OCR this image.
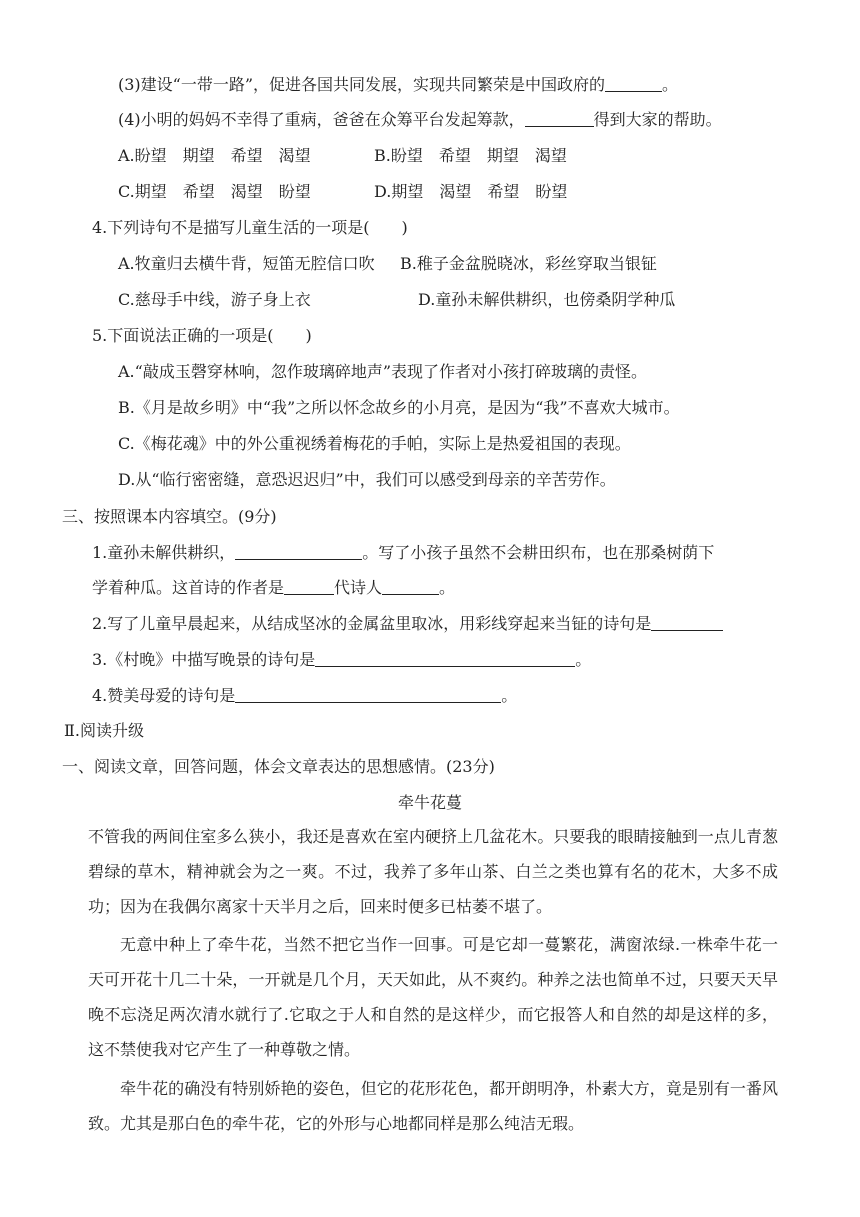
(3)建设“一带一路”，促进各国共同发展，实现共同繁荣是中国政府的	。
(4)小明的妈妈不幸得了重病，爸爸在众筹平台发起筹款，	得到大家的帮助。
A.盼望　期望　希望　渴望	B.盼望　希望　期望　渴望
C.期望　希望　渴望　盼望	D.期望　渴望　希望　盼望
4.下列诗句不是描写儿童生活的一项是(　　)
A.牧童归去横牛背，短笛无腔信口吹 B.稚子金盆脱晓冰，彩丝穿取当银钲
C.慈母手中线，游子身上衣	D.童孙未解供耕织，也傍桑阴学种瓜
5.下面说法正确的一项是(　　)
A.“敲成玉磬穿林响，忽作玻璃碎地声”表现了作者对小孩打碎玻璃的责怪。
B.《月是故乡明》中“我”之所以怀念故乡的小月亮，是因为“我”不喜欢大城市。
C.《梅花魂》中的外公重视绣着梅花的手帕，实际上是热爱祖国的表现。
D.从“临行密密缝，意恐迟迟归”中，我们可以感受到母亲的辛苦劳作。
三、按照课本内容填空。(9分)
1.童孙未解供耕织，	。写了小孩子虽然不会耕田织布，也在那桑树荫下
学着种瓜。这首诗的作者是	代诗人	。
2.写了儿童早晨起来，从结成坚冰的金属盆里取冰，用彩线穿起来当钲的诗句是
3.《村晚》中描写晚景的诗句是	。
4.赞美母爱的诗句是	。
Ⅱ.阅读升级
一、阅读文章，回答问题，体会文章表达的思想感情。(23分)
牵牛花蔓
不管我的两间住室多么狭小，我还是喜欢在室内硬挤上几盆花木。只要我的眼睛接触到一点儿青葱碧绿的草木，精神就会为之一爽。不过，我养了多年山茶、白兰之类也算有名的花木，大多不成功；因为在我偶尔离家十天半月之后，回来时便多已枯萎不堪了。
无意中种上了牵牛花，当然不把它当作一回事。可是它却一蔓繁花，满窗浓绿.一株牵牛花一天可开花十几二十朵，一开就是几个月，天天如此，从不爽约。种养之法也简单不过，只要天天早晚不忘浇足两次清水就行了.它取之于人和自然的是这样少，而它报答人和自然的却是这样的多，这不禁使我对它产生了一种尊敬之情。
牵牛花的确没有特别娇艳的姿色，但它的花形花色，都开朗明净，朴素大方，竟是别有一番风致。尤其是那白色的牵牛花，它的外形与心地都同样是那么纯洁无瑕。
